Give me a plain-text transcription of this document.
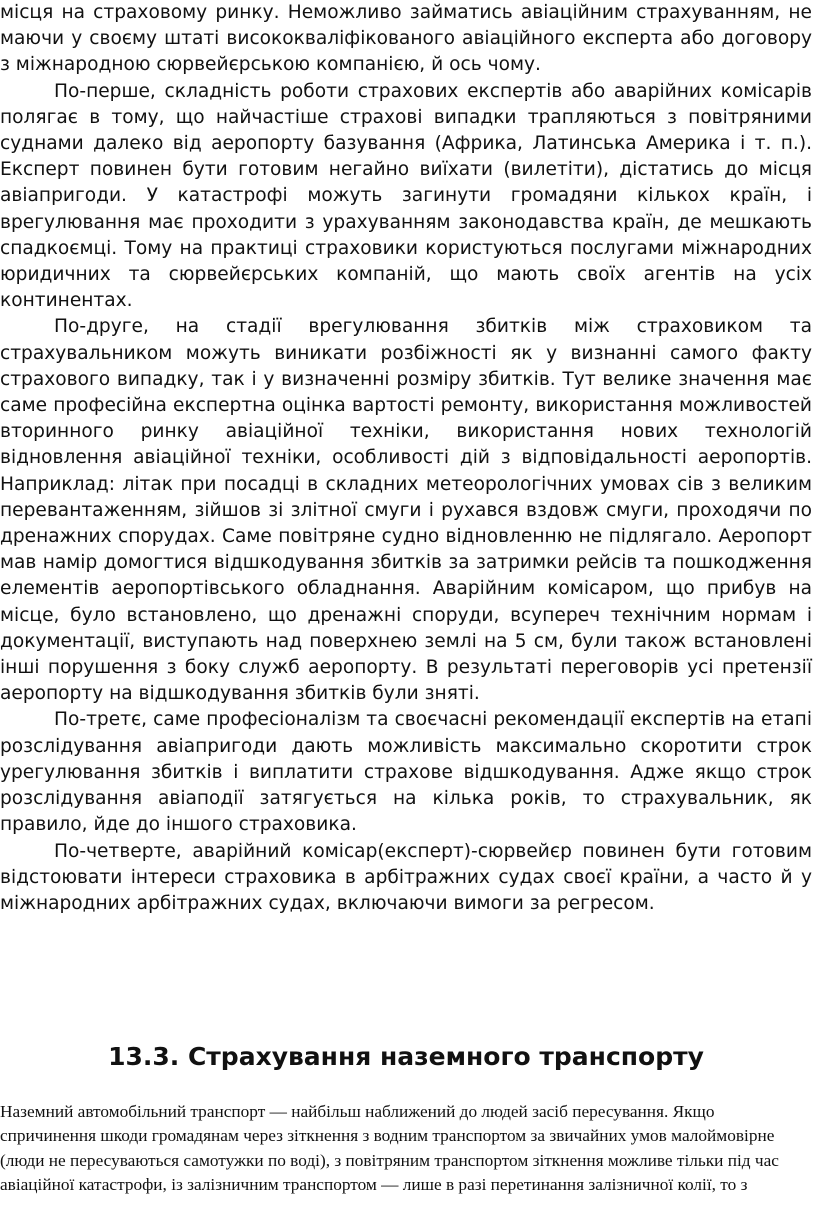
місця на страховому ринку. Неможливо займатись авіаційним страхуванням, не маючи у своєму штаті висококваліфікованого авіаційного експерта або договору з міжнародною сюрвейєрською компанією, й ось чому.

По-перше, складність роботи страхових експертів або аварійних комісарів полягає в тому, що найчастіше страхові випадки трапляються з повітряними суднами далеко від аеропорту базування (Африка, Латинська Америка і т. п.). Експерт повинен бути готовим негайно виїхати (вилетіти), дістатись до місця авіапригоди. У катастрофі можуть загинути громадяни кількох країн, і врегулювання має проходити з урахуванням законодавства країн, де мешкають спадкоємці. Тому на практиці страховики користуються послугами міжнародних юридичних та сюрвейєрських компаній, що мають своїх агентів на усіх континентах.

По-друге, на стадії врегулювання збитків між страховиком та страхувальником можуть виникати розбіжності як у визнанні самого факту страхового випадку, так і у визначенні розміру збитків. Тут велике значення має саме професійна експертна оцінка вартості ремонту, використання можливостей вторинного ринку авіаційної техніки, використання нових технологій відновлення авіаційної техніки, особливості дій з відповідальності аеропортів. Наприклад: літак при посадці в складних метеорологічних умовах сів з великим перевантаженням, зійшов зі злітної смуги і рухався вздовж смуги, проходячи по дренажних спорудах. Саме повітряне судно відновленню не підлягало. Аеропорт мав намір домогтися відшкодування збитків за затримки рейсів та пошкодження елементів аеропортівського обладнання. Аварійним комісаром, що прибув на місце, було встановлено, що дренажні споруди, всупереч технічним нормам і документації, виступають над поверхнею землі на 5 см, були також встановлені інші порушення з боку служб аеропорту. В результаті переговорів усі претензії аеропорту на відшкодування збитків були зняті.

По-третє, саме професіоналізм та своєчасні рекомендації експертів на етапі розслідування авіапригоди дають можливість максимально скоротити строк урегулювання збитків і виплатити страхове відшкодування. Адже якщо строк розслідування авіаподії затягується на кілька років, то страхувальник, як правило, йде до іншого страховика.

По-четверте, аварійний комісар(експерт)-сюрвейєр повинен бути готовим відстоювати інтереси страховика в арбітражних судах своєї країни, а часто й у міжнародних арбітражних судах, включаючи вимоги за регресом.

13.3. Страхування наземного транспорту

Наземний автомобільний транспорт — найбільш наближений до людей засіб пересування. Якщо спричинення шкоди громадянам через зіткнення з водним транспортом за звичайних умов малоймовірне (люди не пересуваються самотужки по воді), з повітряним транспортом зіткнення можливе тільки під час авіаційної катастрофи, із залізничним транспортом — лише в разі перетинання залізничної колії, то з
